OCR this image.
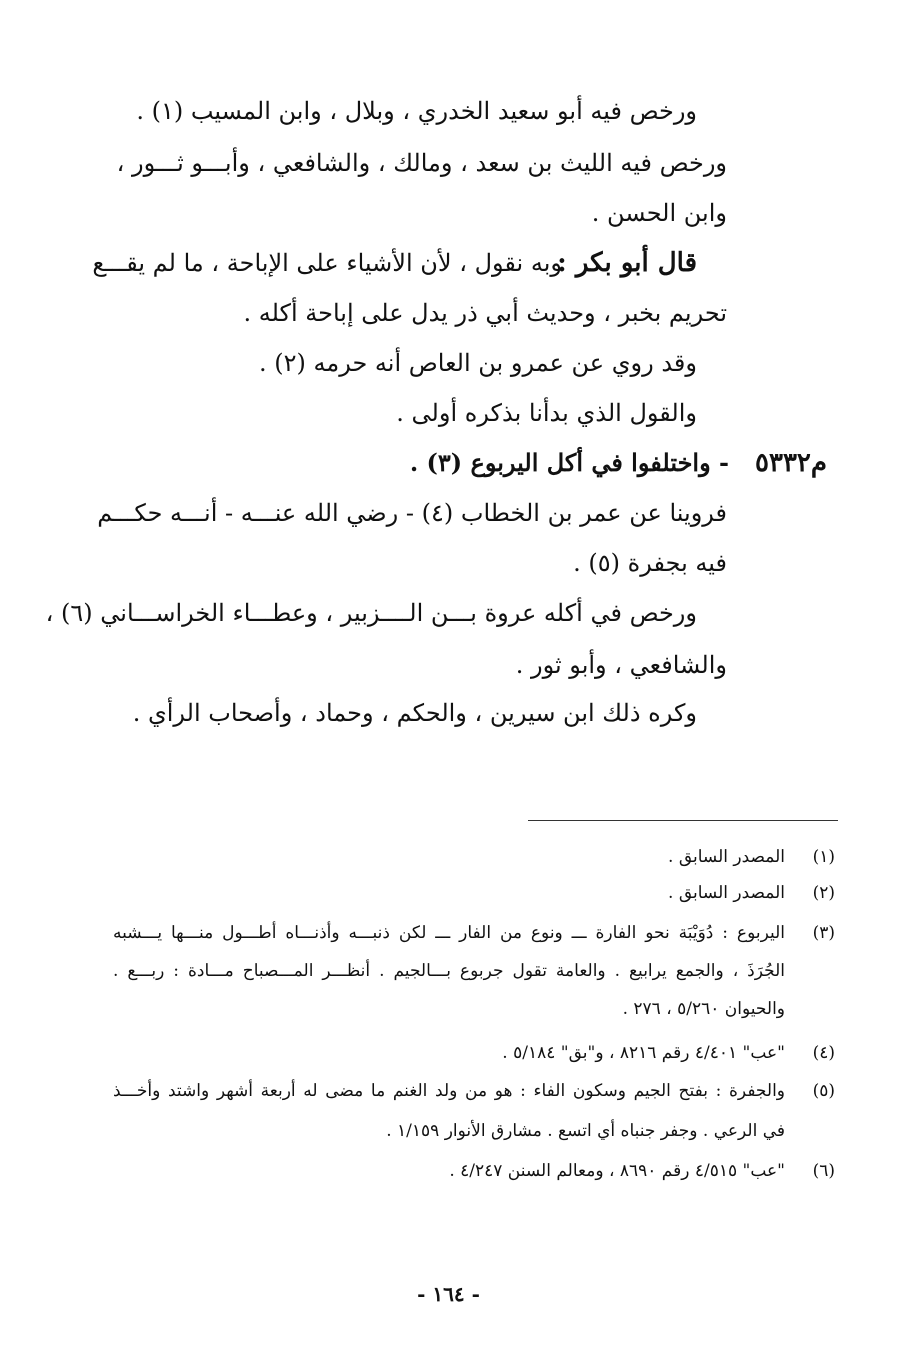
ورخص فيه أبو سعيد الخدري ، وبلال ، وابن المسيب (١) .
ورخص فيه الليث بن سعد ، ومالك ، والشافعي ، وأبـــو ثـــور ،
وابن الحسن .
قال أبو بكر :
وبه نقول ، لأن الأشياء على الإباحة ، ما لم يقـــع
تحريم بخبر ، وحديث أبي ذر يدل على إباحة أكله .
وقد روي عن عمرو بن العاص أنه حرمه (٢) .
والقول الذي بدأنا بذكره أولى .
م٥٣٣٢
- واختلفوا في أكل اليربوع (٣) .
فروينا عن عمر بن الخطاب (٤) - رضي الله عنـــه - أنـــه حكـــم
فيه بجفرة (٥) .
ورخص في أكله عروة بـــن الــــزبير ، وعطـــاء الخراســـاني (٦) ،
والشافعي ، وأبو ثور .
وكره ذلك ابن سيرين ، والحكم ، وحماد ، وأصحاب الرأي .
(١)
المصدر السابق .
(٢)
المصدر السابق .
(٣)
اليربوع : دُوَيْبَة نحو الفارة ـــ ونوع من الفار ـــ لكن ذنبـــه وأذنـــاه أطـــول منـــها يـــشبه
الجُرَذَ ، والجمع يرابيع . والعامة تقول جربوع بـــالجيم . أنظـــر المـــصباح مـــادة : ربـــع .
والحيوان ٥/٢٦٠ ، ٢٧٦ .
(٤)
"عب" ٤/٤٠١ رقم ٨٢١٦ ، و"بق" ٥/١٨٤ .
(٥)
والجفرة : بفتح الجيم وسكون الفاء : هو من ولد الغنم ما مضى له أربعة أشهر واشتد وأخـــذ
في الرعي . وجفر جنباه أي اتسع . مشارق الأنوار ١/١٥٩ .
(٦)
"عب" ٤/٥١٥ رقم ٨٦٩٠ ، ومعالم السنن ٤/٢٤٧ .
- ١٦٤ -
